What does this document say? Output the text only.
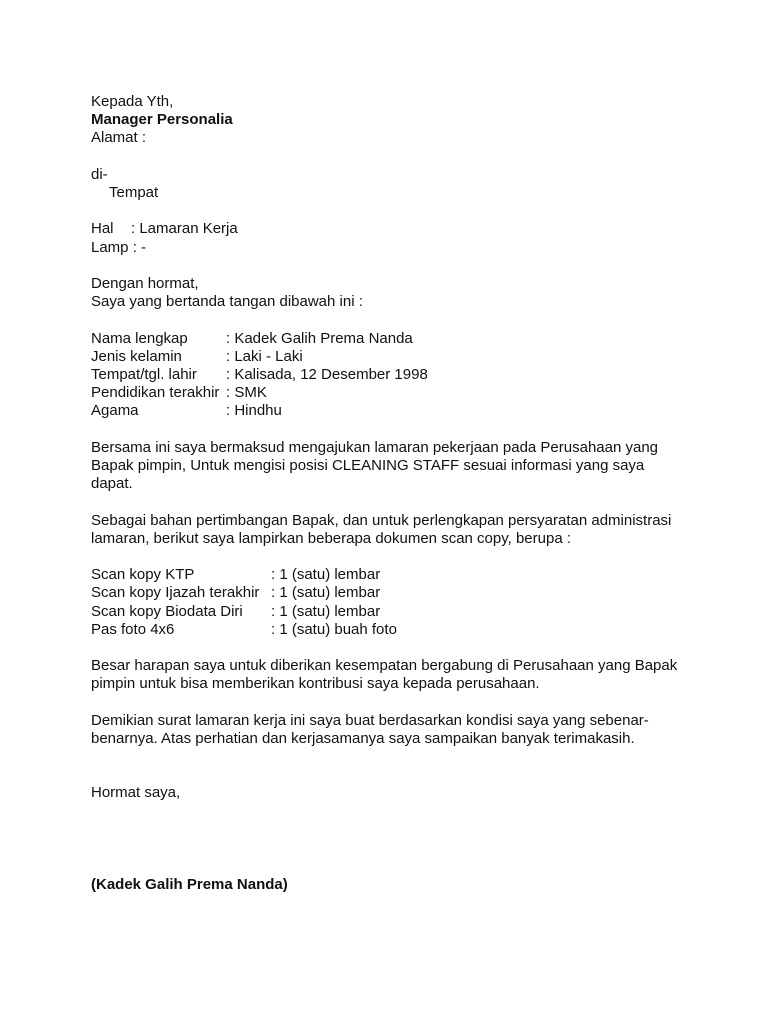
Kepada Yth,
Manager Personalia
Alamat :
di-
Tempat
Hal	: Lamaran Kerja
Lamp : -
Dengan hormat,
Saya yang bertanda tangan dibawah ini :
Nama lengkap	: Kadek Galih Prema Nanda
Jenis kelamin	: Laki - Laki
Tempat/tgl. lahir	: Kalisada, 12 Desember 1998
Pendidikan terakhir : SMK
Agama	: Hindhu
Bersama ini saya bermaksud mengajukan lamaran pekerjaan pada Perusahaan yang
Bapak pimpin, Untuk mengisi posisi CLEANING STAFF sesuai informasi yang saya
dapat.
Sebagai bahan pertimbangan Bapak, dan untuk perlengkapan persyaratan administrasi
lamaran, berikut saya lampirkan beberapa dokumen scan copy, berupa :
Scan kopy KTP	: 1 (satu) lembar
Scan kopy Ijazah terakhir : 1 (satu) lembar
Scan kopy Biodata Diri	: 1 (satu) lembar
Pas foto 4x6	: 1 (satu) buah foto
Besar harapan saya untuk diberikan kesempatan bergabung di Perusahaan yang Bapak
pimpin untuk bisa memberikan kontribusi saya kepada perusahaan.
Demikian surat lamaran kerja ini saya buat berdasarkan kondisi saya yang sebenar-
benarnya. Atas perhatian dan kerjasamanya saya sampaikan banyak terimakasih.
Hormat saya,
(Kadek Galih Prema Nanda)
